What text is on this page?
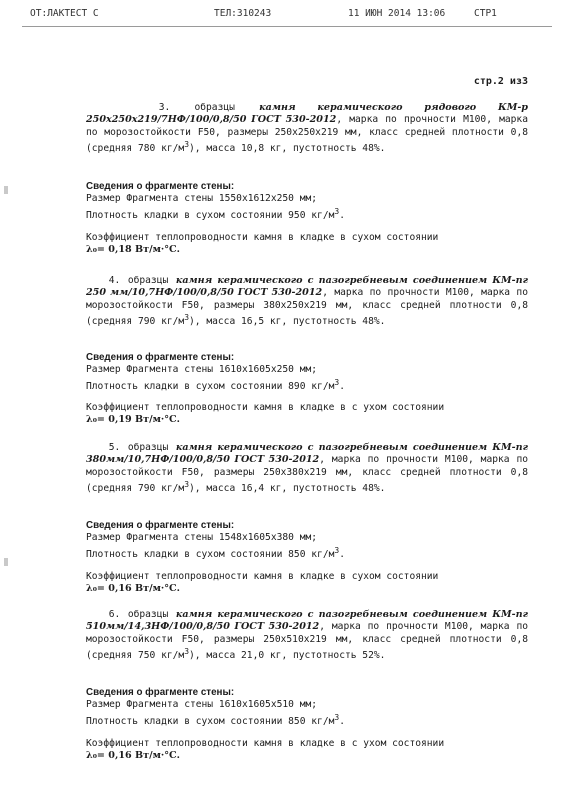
ОТ:ЛАКТЕСТ С	ТЕЛ:310243	11 ИЮН 2014 13:06	СТР1
стр.2 из3

3. образцы камня керамического рядового КМ-р 250х250х219/7НФ/100/0,8/50 ГОСТ 530-2012, марка по прочности М100, марка по морозостойкости F50, размеры 250х250х219 мм, класс средней плотности 0,8 (средняя 780 $кг/м^3$), масса 10,8 кг, пустотность 48%.

Сведения о фрагменте стены:

Размер Фрагмента стены 1550х1612х250 мм;

Плотность кладки в сухом состоянии 950 $кг/м^3$.

Коэффициент теплопроводности камня в кладке в сухом состоянии

λ₀= 0,18 Вт/м·°С.

4. образцы камня керамического с пазогребневым соединением КМ-пг 250 мм/10,7НФ/100/0,8/50 ГОСТ 530-2012, марка по прочности М100, марка по морозостойкости F50, размеры 380х250х219 мм, класс средней плотности 0,8 (средняя 790 $кг/м^3$), масса 16,5 кг, пустотность 48%.

Сведения о фрагменте стены:

Размер Фрагмента стены 1610х1605х250 мм;

Плотность кладки в сухом состоянии 890 $кг/м^3$.

Коэффициент теплопроводности камня в кладке в с ухом состоянии

λ₀= 0,19 Вт/м·°С.

5. образцы камня керамического с пазогребневым соединением КМ-пг 380мм/10,7НФ/100/0,8/50 ГОСТ 530-2012, марка по прочности М100, марка по морозостойкости F50, размеры 250х380х219 мм, класс средней плотности 0,8 (средняя 790 $кг/м^3$), масса 16,4 кг, пустотность 48%.

Сведения о фрагменте стены:

Размер Фрагмента стены 1548х1605х380 мм;

Плотность кладки в сухом состоянии 850 $кг/м^3$.

Коэффициент теплопроводности камня в кладке в сухом состоянии

λ₀= 0,16 Вт/м·°С.

6. образцы камня керамического с пазогребневым соединением КМ-пг 510мм/14,3НФ/100/0,8/50 ГОСТ 530-2012, марка по прочности М100, марка по морозостойкости F50, размеры 250х510х219 мм, класс средней плотности 0,8 (средняя 750 $кг/м^3$), масса 21,0 кг, пустотность 52%.

Сведения о фрагменте стены:

Размер Фрагмента стены 1610х1605х510 мм;

Плотность кладки в сухом состоянии 850 $кг/м^3$.

Коэффициент теплопроводности камня в кладке в с ухом состоянии

λ₀= 0,16 Вт/м·°С.
